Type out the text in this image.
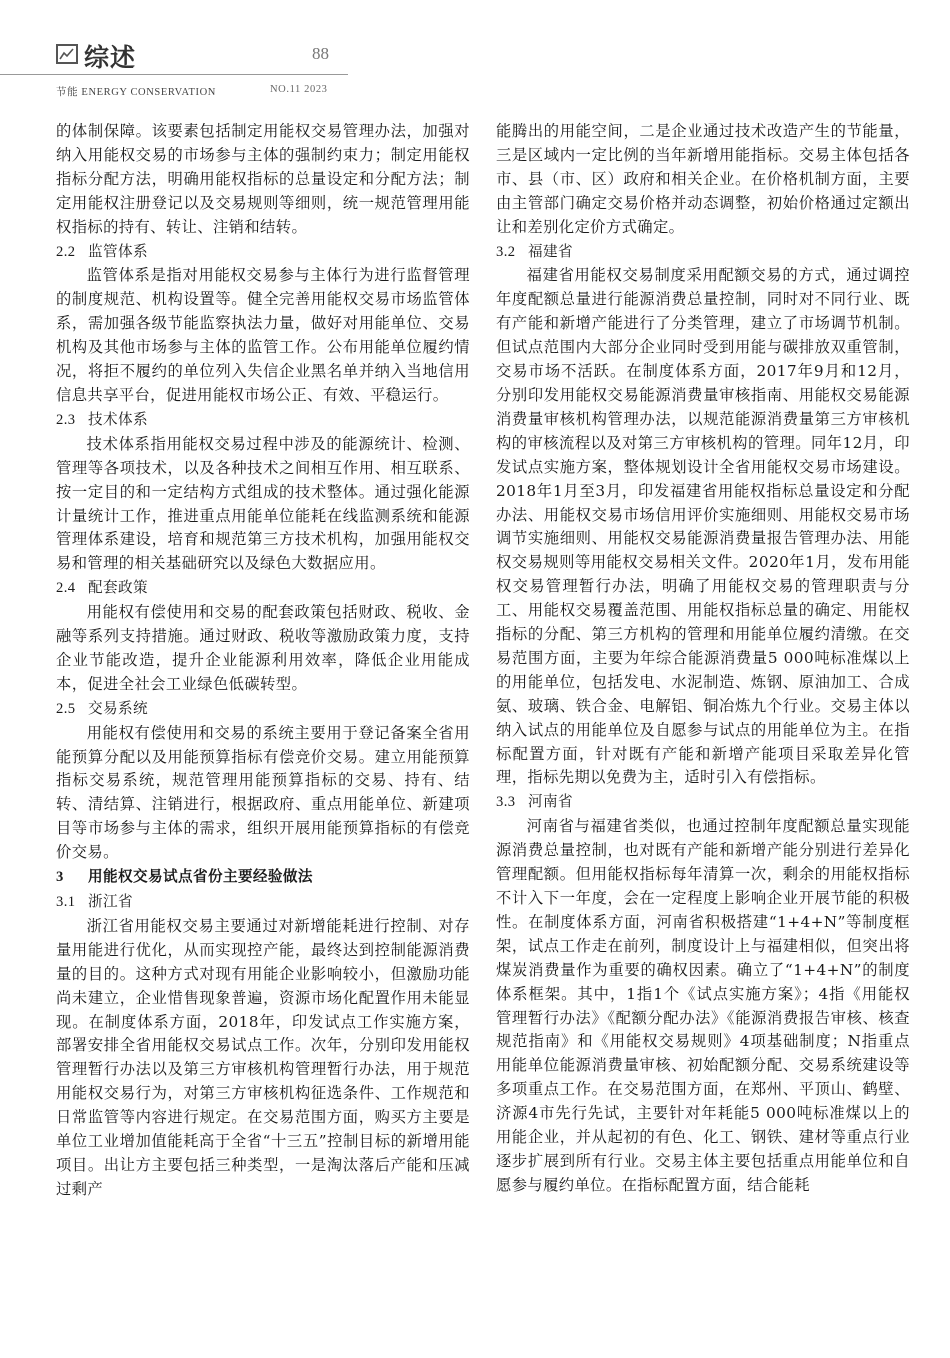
综述	88
节能 ENERGY CONSERVATION	NO.11 2023

的体制保障。该要素包括制定用能权交易管理办法，加强对纳入用能权交易的市场参与主体的强制约束力；制定用能权指标分配方法，明确用能权指标的总量设定和分配方法；制定用能权注册登记以及交易规则等细则，统一规范管理用能权指标的持有、转让、注销和结转。

2.2 监管体系

监管体系是指对用能权交易参与主体行为进行监督管理的制度规范、机构设置等。健全完善用能权交易市场监管体系，需加强各级节能监察执法力量，做好对用能单位、交易机构及其他市场参与主体的监管工作。公布用能单位履约情况，将拒不履约的单位列入失信企业黑名单并纳入当地信用信息共享平台，促进用能权市场公正、有效、平稳运行。

2.3 技术体系

技术体系指用能权交易过程中涉及的能源统计、检测、管理等各项技术，以及各种技术之间相互作用、相互联系、按一定目的和一定结构方式组成的技术整体。通过强化能源计量统计工作，推进重点用能单位能耗在线监测系统和能源管理体系建设，培育和规范第三方技术机构，加强用能权交易和管理的相关基础研究以及绿色大数据应用。

2.4 配套政策

用能权有偿使用和交易的配套政策包括财政、税收、金融等系列支持措施。通过财政、税收等激励政策力度，支持企业节能改造，提升企业能源利用效率，降低企业用能成本，促进全社会工业绿色低碳转型。

2.5 交易系统

用能权有偿使用和交易的系统主要用于登记备案全省用能预算分配以及用能预算指标有偿竞价交易。建立用能预算指标交易系统，规范管理用能预算指标的交易、持有、结转、清结算、注销进行，根据政府、重点用能单位、新建项目等市场参与主体的需求，组织开展用能预算指标的有偿竞价交易。

3 用能权交易试点省份主要经验做法
3.1 浙江省

浙江省用能权交易主要通过对新增能耗进行控制、对存量用能进行优化，从而实现控产能，最终达到控制能源消费量的目的。这种方式对现有用能企业影响较小，但激励功能尚未建立，企业惜售现象普遍，资源市场化配置作用未能显现。在制度体系方面，2018年，印发试点工作实施方案，部署安排全省用能权交易试点工作。次年，分别印发用能权管理暂行办法以及第三方审核机构管理暂行办法，用于规范用能权交易行为，对第三方审核机构征选条件、工作规范和日常监管等内容进行规定。在交易范围方面，购买方主要是单位工业增加值能耗高于全省“十三五”控制目标的新增用能项目。出让方主要包括三种类型，一是淘汰落后产能和压减过剩产

能腾出的用能空间，二是企业通过技术改造产生的节能量，三是区域内一定比例的当年新增用能指标。交易主体包括各市、县（市、区）政府和相关企业。在价格机制方面，主要由主管部门确定交易价格并动态调整，初始价格通过定额出让和差别化定价方式确定。

3.2 福建省

福建省用能权交易制度采用配额交易的方式，通过调控年度配额总量进行能源消费总量控制，同时对不同行业、既有产能和新增产能进行了分类管理，建立了市场调节机制。但试点范围内大部分企业同时受到用能与碳排放双重管制，交易市场不活跃。在制度体系方面，2017年9月和12月，分别印发用能权交易能源消费量审核指南、用能权交易能源消费量审核机构管理办法，以规范能源消费量第三方审核机构的审核流程以及对第三方审核机构的管理。同年12月，印发试点实施方案，整体规划设计全省用能权交易市场建设。2018年1月至3月，印发福建省用能权指标总量设定和分配办法、用能权交易市场信用评价实施细则、用能权交易市场调节实施细则、用能权交易能源消费量报告管理办法、用能权交易规则等用能权交易相关文件。2020年1月，发布用能权交易管理暂行办法，明确了用能权交易的管理职责与分工、用能权交易覆盖范围、用能权指标总量的确定、用能权指标的分配、第三方机构的管理和用能单位履约清缴。在交易范围方面，主要为年综合能源消费量5 000吨标准煤以上的用能单位，包括发电、水泥制造、炼钢、原油加工、合成氨、玻璃、铁合金、电解铝、铜冶炼九个行业。交易主体以纳入试点的用能单位及自愿参与试点的用能单位为主。在指标配置方面，针对既有产能和新增产能项目采取差异化管理，指标先期以免费为主，适时引入有偿指标。

3.3 河南省

河南省与福建省类似，也通过控制年度配额总量实现能源消费总量控制，也对既有产能和新增产能分别进行差异化管理配额。但用能权指标每年清算一次，剩余的用能权指标不计入下一年度，会在一定程度上影响企业开展节能的积极性。在制度体系方面，河南省积极搭建“1+4+N”等制度框架，试点工作走在前列，制度设计上与福建相似，但突出将煤炭消费量作为重要的确权因素。确立了“1+4+N”的制度体系框架。其中，1指1个《试点实施方案》；4指《用能权管理暂行办法》《配额分配办法》《能源消费报告审核、核查规范指南》和《用能权交易规则》4项基础制度；N指重点用能单位能源消费量审核、初始配额分配、交易系统建设等多项重点工作。在交易范围方面，在郑州、平顶山、鹤壁、济源4市先行先试，主要针对年耗能5 000吨标准煤以上的用能企业，并从起初的有色、化工、钢铁、建材等重点行业逐步扩展到所有行业。交易主体主要包括重点用能单位和自愿参与履约单位。在指标配置方面，结合能耗
